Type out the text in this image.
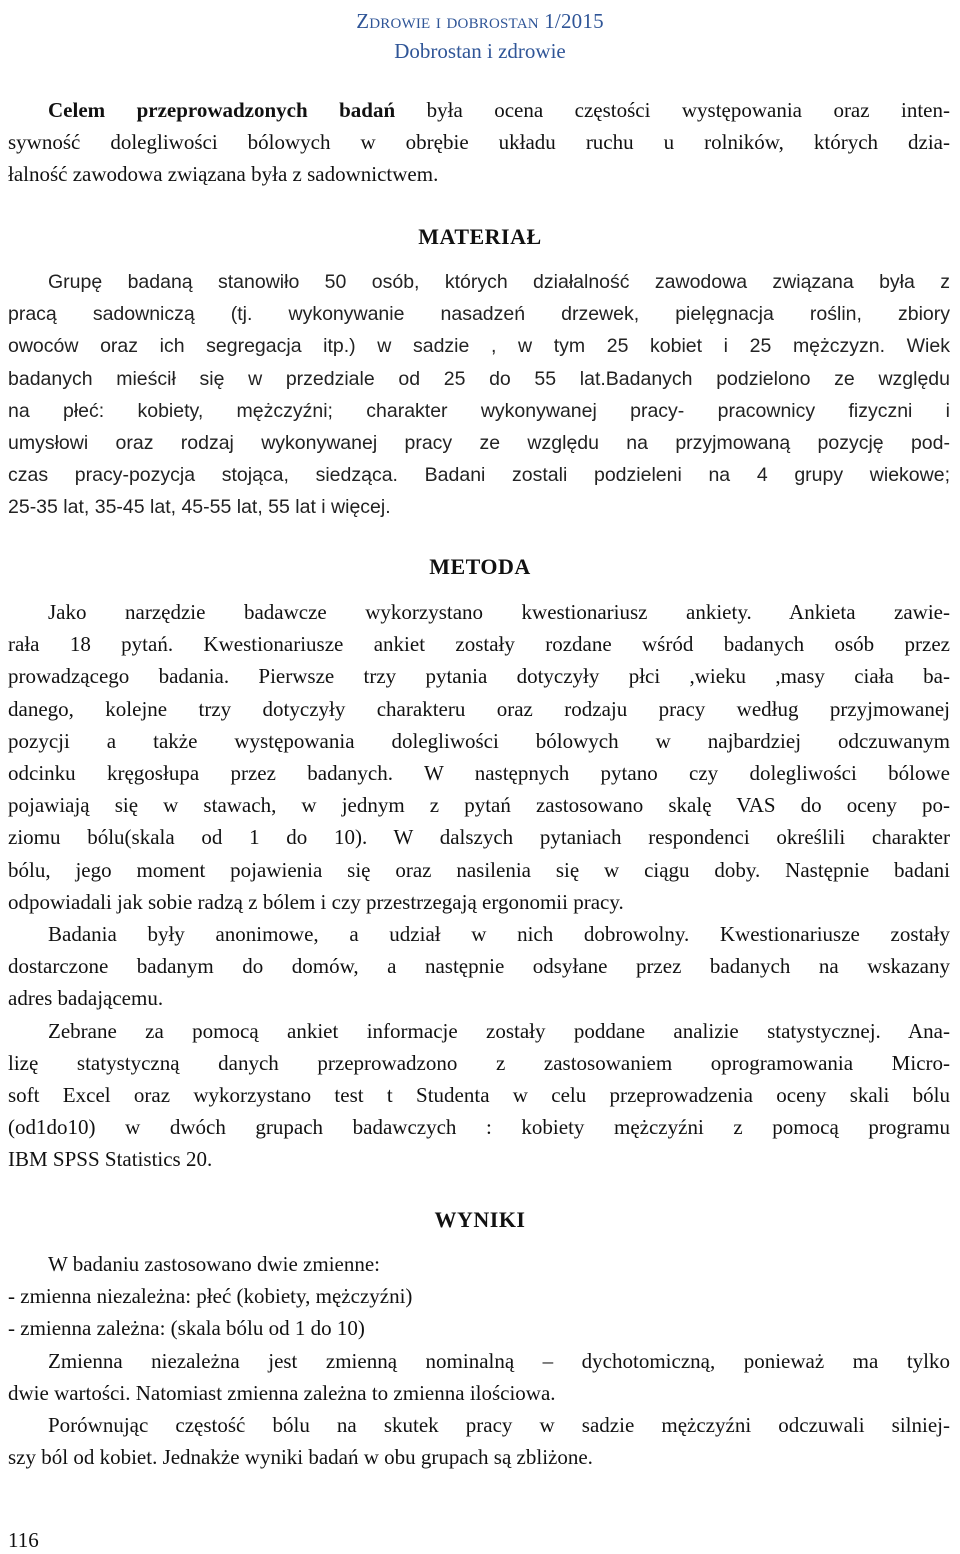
Zdrowie i dobrostan 1/2015
Dobrostan i zdrowie
Celem przeprowadzonych badań była ocena częstości występowania oraz inten-
sywność dolegliwości bólowych w obrębie układu ruchu u rolników, których dzia-
łalność zawodowa związana była z sadownictwem.
MATERIAŁ
Grupę badaną stanowiło 50 osób, których działalność zawodowa związana była z
pracą sadowniczą (tj. wykonywanie nasadzeń drzewek, pielęgnacja roślin, zbiory
owoców oraz ich segregacja itp.) w sadzie , w tym 25 kobiet i 25 mężczyzn. Wiek
badanych mieścił się w przedziale od 25 do 55 lat.Badanych podzielono ze względu
na płeć: kobiety, mężczyźni; charakter wykonywanej pracy- pracownicy fizyczni i
umysłowi oraz rodzaj wykonywanej pracy ze względu na przyjmowaną pozycję pod-
czas pracy-pozycja stojąca, siedząca. Badani zostali podzieleni na 4 grupy wiekowe;
25-35 lat, 35-45 lat, 45-55 lat, 55 lat i więcej.
METODA
Jako narzędzie badawcze wykorzystano kwestionariusz ankiety. Ankieta zawie-
rała 18 pytań. Kwestionariusze ankiet zostały rozdane wśród badanych osób przez
prowadzącego badania. Pierwsze trzy pytania dotyczyły płci ,wieku ,masy ciała ba-
danego, kolejne trzy dotyczyły charakteru oraz rodzaju pracy według przyjmowanej
pozycji a także występowania dolegliwości bólowych w najbardziej odczuwanym
odcinku kręgosłupa przez badanych. W następnych pytano czy dolegliwości bólowe
pojawiają się w stawach, w jednym z pytań zastosowano skalę VAS do oceny po-
ziomu bólu(skala od 1 do 10). W dalszych pytaniach respondenci określili charakter
bólu, jego moment pojawienia się oraz nasilenia się w ciągu doby. Następnie badani
odpowiadali jak sobie radzą z bólem i czy przestrzegają ergonomii pracy.
Badania były anonimowe, a udział w nich dobrowolny. Kwestionariusze zostały
dostarczone badanym do domów, a następnie odsyłane przez badanych na wskazany
adres badającemu.
Zebrane za pomocą ankiet informacje zostały poddane analizie statystycznej. Ana-
lizę statystyczną danych przeprowadzono z zastosowaniem oprogramowania Micro-
soft Excel oraz wykorzystano test t Studenta w celu przeprowadzenia oceny skali bólu
(od1do10) w dwóch grupach badawczych : kobiety mężczyźni z pomocą programu
IBM SPSS Statistics 20.
WYNIKI
W badaniu zastosowano dwie zmienne:
- zmienna niezależna: płeć (kobiety, mężczyźni)
- zmienna zależna: (skala bólu od 1 do 10)
Zmienna niezależna jest zmienną nominalną – dychotomiczną, ponieważ ma tylko
dwie wartości. Natomiast zmienna zależna to zmienna ilościowa.
Porównując częstość bólu na skutek pracy w sadzie mężczyźni odczuwali silniej-
szy ból od kobiet. Jednakże wyniki badań w obu grupach są zbliżone.
116
